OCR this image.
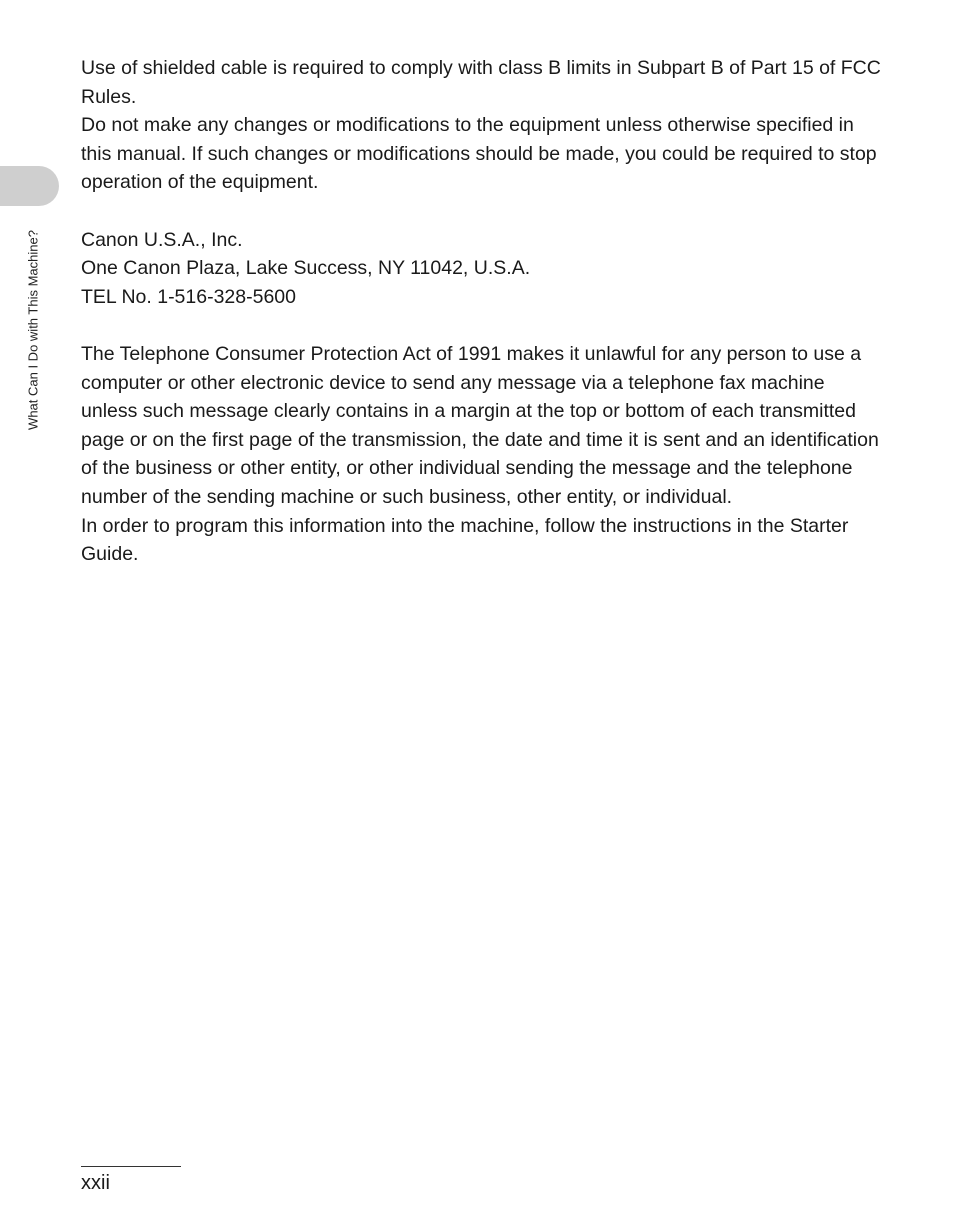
What Can I Do with This Machine?

Use of shielded cable is required to comply with class B limits in Subpart B of Part 15 of FCC Rules.

Do not make any changes or modifications to the equipment unless otherwise specified in this manual. If such changes or modifications should be made, you could be required to stop operation of the equipment.

Canon U.S.A., Inc.

One Canon Plaza, Lake Success, NY 11042, U.S.A.

TEL No. 1-516-328-5600

The Telephone Consumer Protection Act of 1991 makes it unlawful for any person to use a computer or other electronic device to send any message via a telephone fax machine unless such message clearly contains in a margin at the top or bottom of each transmitted page or on the first page of the transmission, the date and time it is sent and an identification of the business or other entity, or other individual sending the message and the telephone number of the sending machine or such business, other entity, or individual.

In order to program this information into the machine, follow the instructions in the Starter Guide.

xxii
